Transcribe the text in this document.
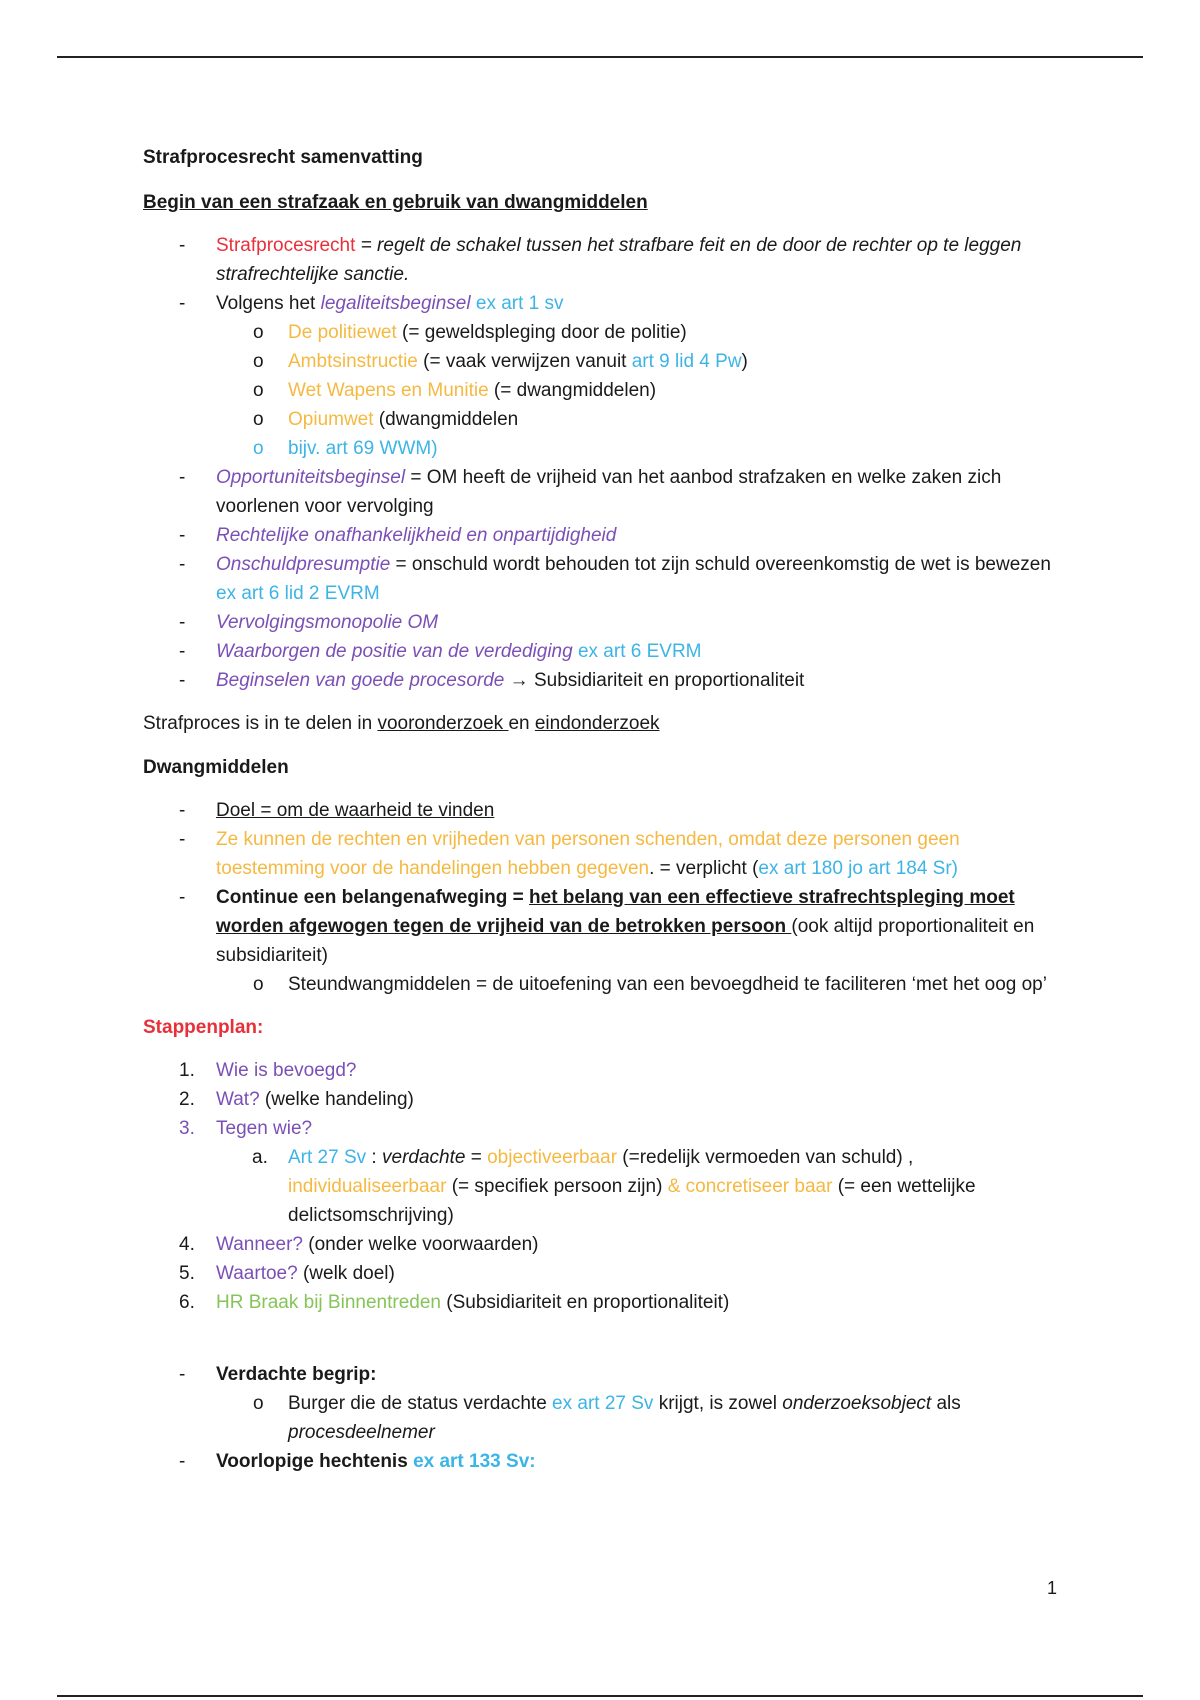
Strafprocesrecht samenvatting

Begin van een strafzaak en gebruik van dwangmiddelen

- Strafprocesrecht = regelt de schakel tussen het strafbare feit en de door de rechter op te leggen strafrechtelijke sanctie.
- Volgens het legaliteitsbeginsel ex art 1 sv
o De politiewet (= geweldspleging door de politie)
o Ambtsinstructie (= vaak verwijzen vanuit art 9 lid 4 Pw)
o Wet Wapens en Munitie (= dwangmiddelen)
o Opiumwet (dwangmiddelen
o bijv. art 69 WWM)
- Opportuniteitsbeginsel = OM heeft de vrijheid van het aanbod strafzaken en welke zaken zich voorlenen voor vervolging
- Rechtelijke onafhankelijkheid en onpartijdigheid
- Onschuldpresumptie = onschuld wordt behouden tot zijn schuld overeenkomstig de wet is bewezen ex art 6 lid 2 EVRM
- Vervolgingsmonopolie OM
- Waarborgen de positie van de verdediging ex art 6 EVRM
- Beginselen van goede procesorde → Subsidiariteit en proportionaliteit

Strafproces is in te delen in vooronderzoek en eindonderzoek

Dwangmiddelen

- Doel = om de waarheid te vinden
- Ze kunnen de rechten en vrijheden van personen schenden, omdat deze personen geen toestemming voor de handelingen hebben gegeven. = verplicht (ex art 180 jo art 184 Sr)
- Continue een belangenafweging = het belang van een effectieve strafrechtspleging moet worden afgewogen tegen de vrijheid van de betrokken persoon (ook altijd proportionaliteit en subsidiariteit)
o Steundwangmiddelen = de uitoefening van een bevoegdheid te faciliteren ‘met het oog op’

Stappenplan:

1. Wie is bevoegd?
2. Wat? (welke handeling)
3. Tegen wie?
a. Art 27 Sv : verdachte = objectiveerbaar (=redelijk vermoeden van schuld) , individualiseerbaar (= specifiek persoon zijn) & concretiseer baar (= een wettelijke delictsomschrijving)
4. Wanneer? (onder welke voorwaarden)
5. Waartoe? (welk doel)
6. HR Braak bij Binnentreden (Subsidiariteit en proportionaliteit)
- Verdachte begrip:
o Burger die de status verdachte ex art 27 Sv krijgt, is zowel onderzoeksobject als procesdeelnemer
- Voorlopige hechtenis ex art 133 Sv:
1
